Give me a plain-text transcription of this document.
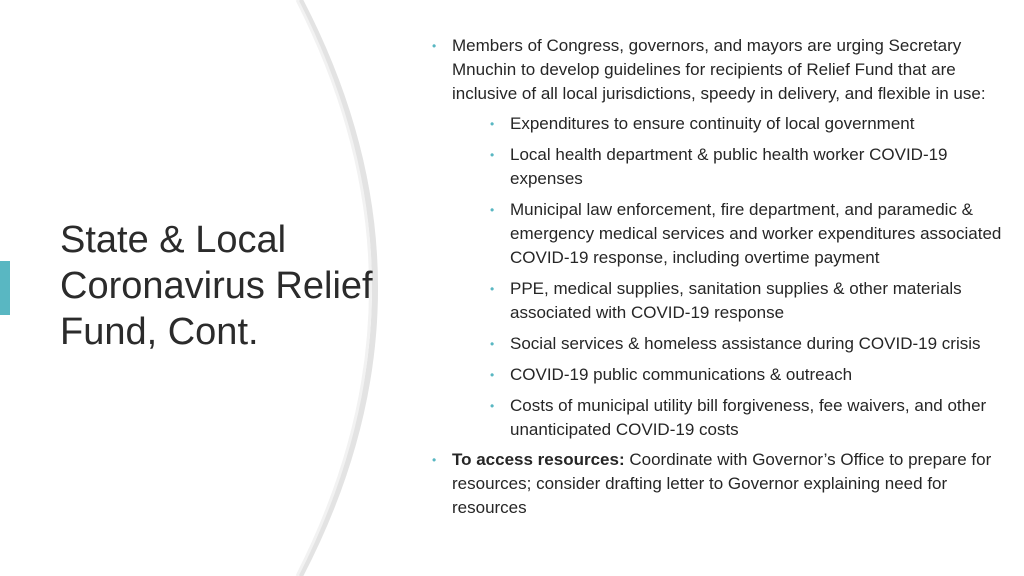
State & Local
Coronavirus Relief
Fund, Cont.
• Members of Congress, governors, and mayors are urging Secretary Mnuchin to develop guidelines for recipients of Relief Fund that are inclusive of all local jurisdictions, speedy in delivery, and flexible in use:
• Expenditures to ensure continuity of local government
• Local health department & public health worker COVID-19 expenses
• Municipal law enforcement, fire department, and paramedic & emergency medical services and worker expenditures associated COVID-19 response, including overtime payment
• PPE, medical supplies, sanitation supplies & other materials associated with COVID-19 response
• Social services & homeless assistance during COVID-19 crisis
• COVID-19 public communications & outreach
• Costs of municipal utility bill forgiveness, fee waivers, and other unanticipated COVID-19 costs
• To access resources: Coordinate with Governor’s Office to prepare for resources; consider drafting letter to Governor explaining need for resources
